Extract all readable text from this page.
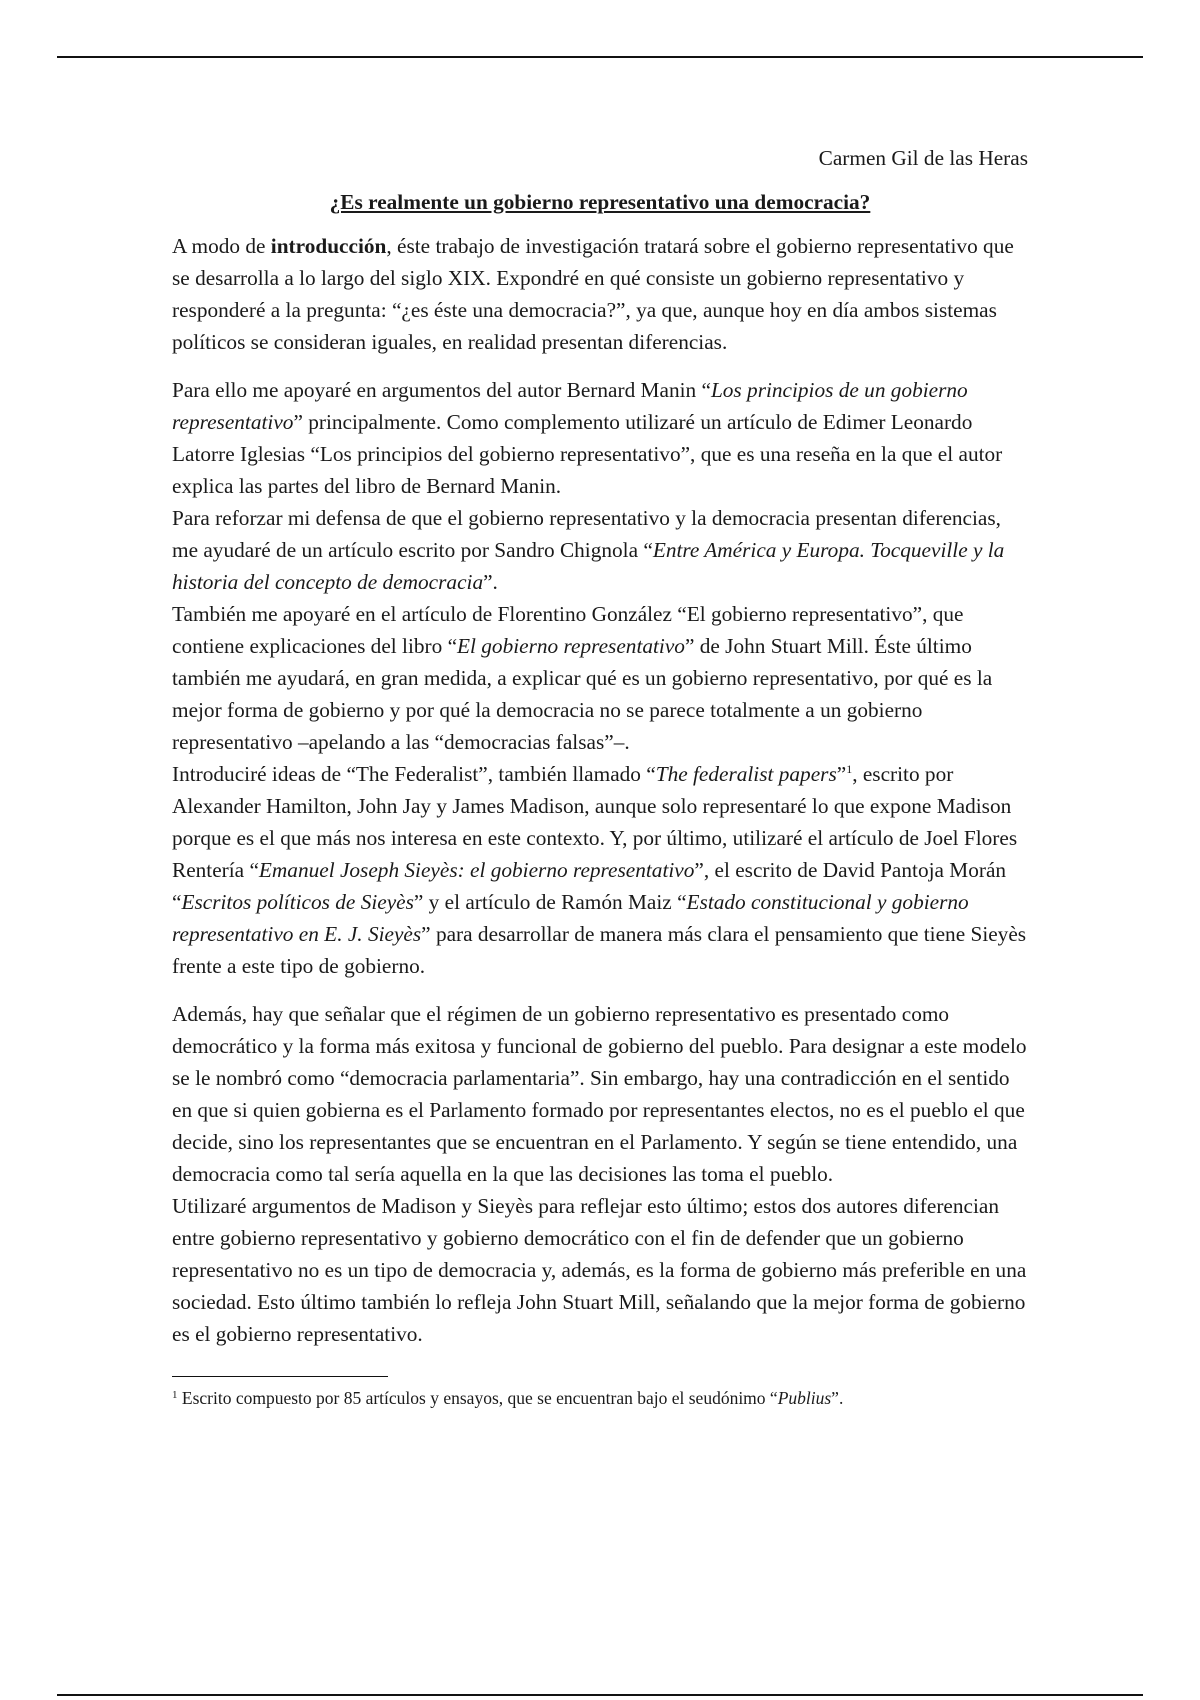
Carmen Gil de las Heras

¿Es realmente un gobierno representativo una democracia?

A modo de introducción, éste trabajo de investigación tratará sobre el gobierno representativo que se desarrolla a lo largo del siglo XIX. Expondré en qué consiste un gobierno representativo y responderé a la pregunta: “¿es éste una democracia?”, ya que, aunque hoy en día ambos sistemas políticos se consideran iguales, en realidad presentan diferencias.

Para ello me apoyaré en argumentos del autor Bernard Manin “Los principios de un gobierno representativo” principalmente. Como complemento utilizaré un artículo de Edimer Leonardo Latorre Iglesias “Los principios del gobierno representativo”, que es una reseña en la que el autor explica las partes del libro de Bernard Manin.

Para reforzar mi defensa de que el gobierno representativo y la democracia presentan diferencias, me ayudaré de un artículo escrito por Sandro Chignola “Entre América y Europa. Tocqueville y la historia del concepto de democracia”.

También me apoyaré en el artículo de Florentino González “El gobierno representativo”, que contiene explicaciones del libro “El gobierno representativo” de John Stuart Mill. Éste último también me ayudará, en gran medida, a explicar qué es un gobierno representativo, por qué es la mejor forma de gobierno y por qué la democracia no se parece totalmente a un gobierno representativo –apelando a las “democracias falsas”–.

Introduciré ideas de “The Federalist”, también llamado “The federalist papers”$^1$, escrito por Alexander Hamilton, John Jay y James Madison, aunque solo representaré lo que expone Madison porque es el que más nos interesa en este contexto. Y, por último, utilizaré el artículo de Joel Flores Rentería “Emanuel Joseph Sieyès: el gobierno representativo”, el escrito de David Pantoja Morán “Escritos políticos de Sieyès” y el artículo de Ramón Maiz “Estado constitucional y gobierno representativo en E. J. Sieyès” para desarrollar de manera más clara el pensamiento que tiene Sieyès frente a este tipo de gobierno.

Además, hay que señalar que el régimen de un gobierno representativo es presentado como democrático y la forma más exitosa y funcional de gobierno del pueblo. Para designar a este modelo se le nombró como “democracia parlamentaria”. Sin embargo, hay una contradicción en el sentido en que si quien gobierna es el Parlamento formado por representantes electos, no es el pueblo el que decide, sino los representantes que se encuentran en el Parlamento. Y según se tiene entendido, una democracia como tal sería aquella en la que las decisiones las toma el pueblo.

Utilizaré argumentos de Madison y Sieyès para reflejar esto último; estos dos autores diferencian entre gobierno representativo y gobierno democrático con el fin de defender que un gobierno representativo no es un tipo de democracia y, además, es la forma de gobierno más preferible en una sociedad. Esto último también lo refleja John Stuart Mill, señalando que la mejor forma de gobierno es el gobierno representativo.

$^1$ Escrito compuesto por 85 artículos y ensayos, que se encuentran bajo el seudónimo “Publius”.
